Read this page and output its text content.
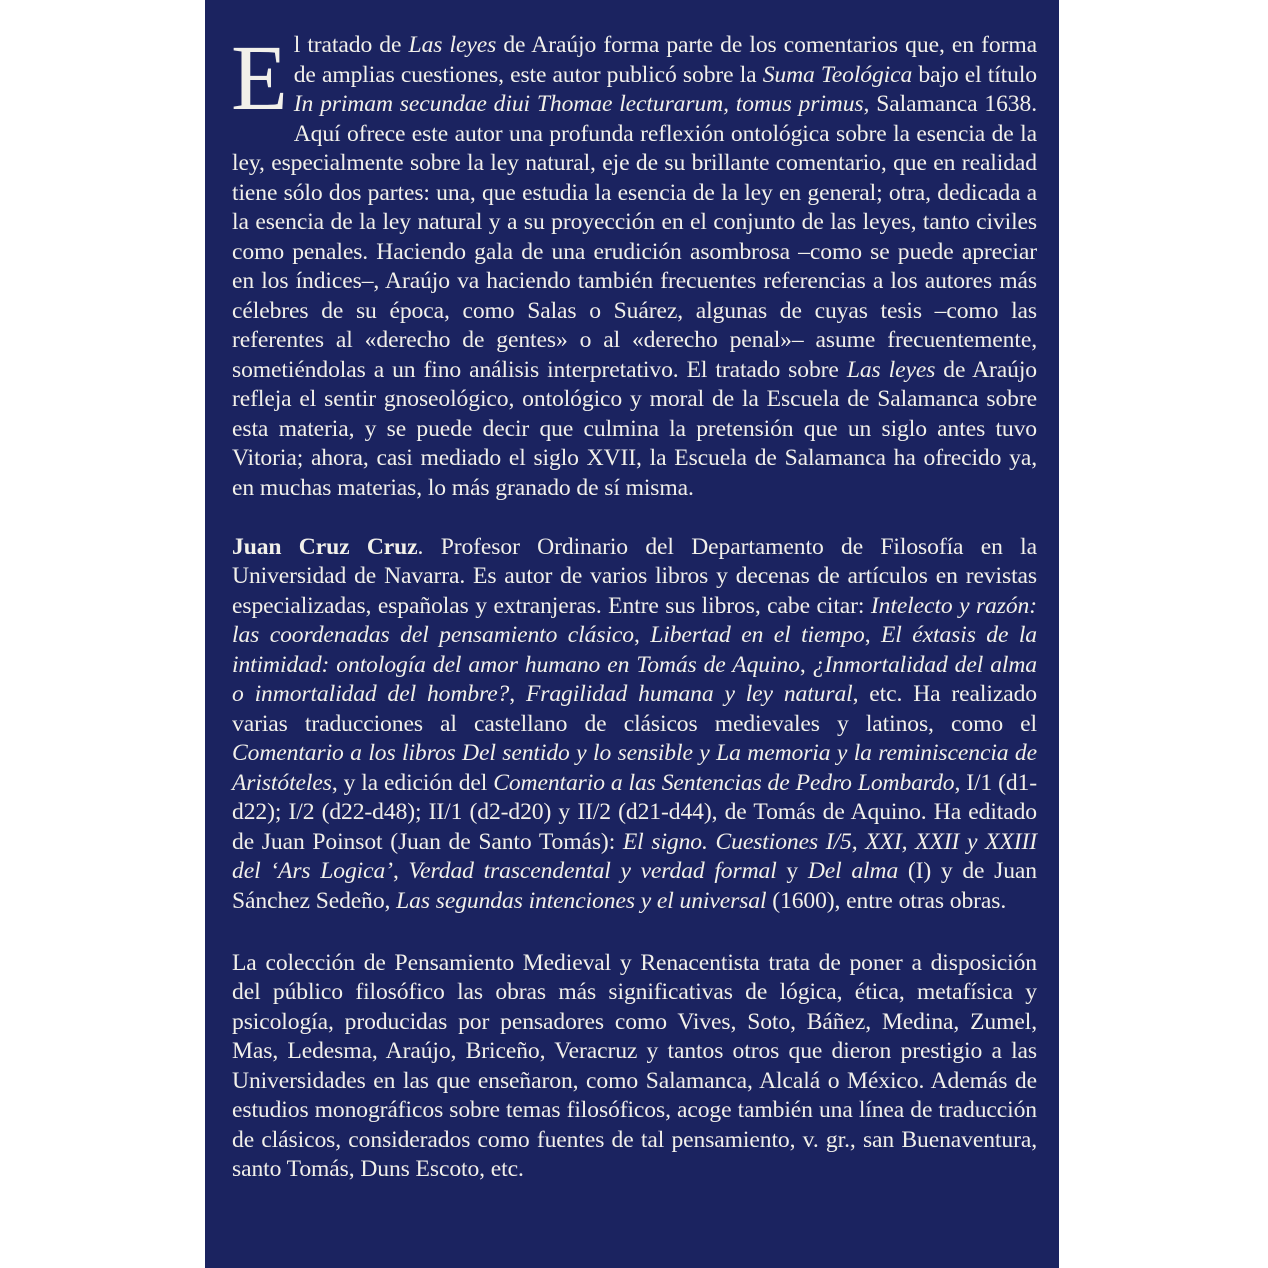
El tratado de Las leyes de Araújo forma parte de los comentarios que, en forma de amplias cuestiones, este autor publicó sobre la Suma Teológica bajo el título In primam secundae diui Thomae lecturarum, tomus primus, Salamanca 1638. Aquí ofrece este autor una profunda reflexión ontológica sobre la esencia de la ley, especialmente sobre la ley natural, eje de su brillante comentario, que en realidad tiene sólo dos partes: una, que estudia la esencia de la ley en general; otra, dedicada a la esencia de la ley natural y a su proyección en el conjunto de las leyes, tanto civiles como penales. Haciendo gala de una erudición asombrosa –como se puede apreciar en los índices–, Araújo va haciendo también frecuentes referencias a los autores más célebres de su época, como Salas o Suárez, algunas de cuyas tesis –como las referentes al «derecho de gentes» o al «derecho penal»– asume frecuentemente, sometiéndolas a un fino análisis interpretativo. El tratado sobre Las leyes de Araújo refleja el sentir gnoseológico, ontológico y moral de la Escuela de Salamanca sobre esta materia, y se puede decir que culmina la pretensión que un siglo antes tuvo Vitoria; ahora, casi mediado el siglo XVII, la Escuela de Salamanca ha ofrecido ya, en muchas materias, lo más granado de sí misma.

Juan Cruz Cruz. Profesor Ordinario del Departamento de Filosofía en la Universidad de Navarra. Es autor de varios libros y decenas de artículos en revistas especializadas, españolas y extranjeras. Entre sus libros, cabe citar: Intelecto y razón: las coordenadas del pensamiento clásico, Libertad en el tiempo, El éxtasis de la intimidad: ontología del amor humano en Tomás de Aquino, ¿Inmortalidad del alma o inmortalidad del hombre?, Fragilidad humana y ley natural, etc. Ha realizado varias traducciones al castellano de clásicos medievales y latinos, como el Comentario a los libros Del sentido y lo sensible y La memoria y la reminiscencia de Aristóteles, y la edición del Comentario a las Sentencias de Pedro Lombardo, I/1 (d1-d22); I/2 (d22-d48); II/1 (d2-d20) y II/2 (d21-d44), de Tomás de Aquino. Ha editado de Juan Poinsot (Juan de Santo Tomás): El signo. Cuestiones I/5, XXI, XXII y XXIII del ‘Ars Logica’, Verdad trascendental y verdad formal y Del alma (I) y de Juan Sánchez Sedeño, Las segundas intenciones y el universal (1600), entre otras obras.

La colección de Pensamiento Medieval y Renacentista trata de poner a disposición del público filosófico las obras más significativas de lógica, ética, metafísica y psicología, producidas por pensadores como Vives, Soto, Báñez, Medina, Zumel, Mas, Ledesma, Araújo, Briceño, Veracruz y tantos otros que dieron prestigio a las Universidades en las que enseñaron, como Salamanca, Alcalá o México. Además de estudios monográficos sobre temas filosóficos, acoge también una línea de traducción de clásicos, considerados como fuentes de tal pensamiento, v. gr., san Buenaventura, santo Tomás, Duns Escoto, etc.
